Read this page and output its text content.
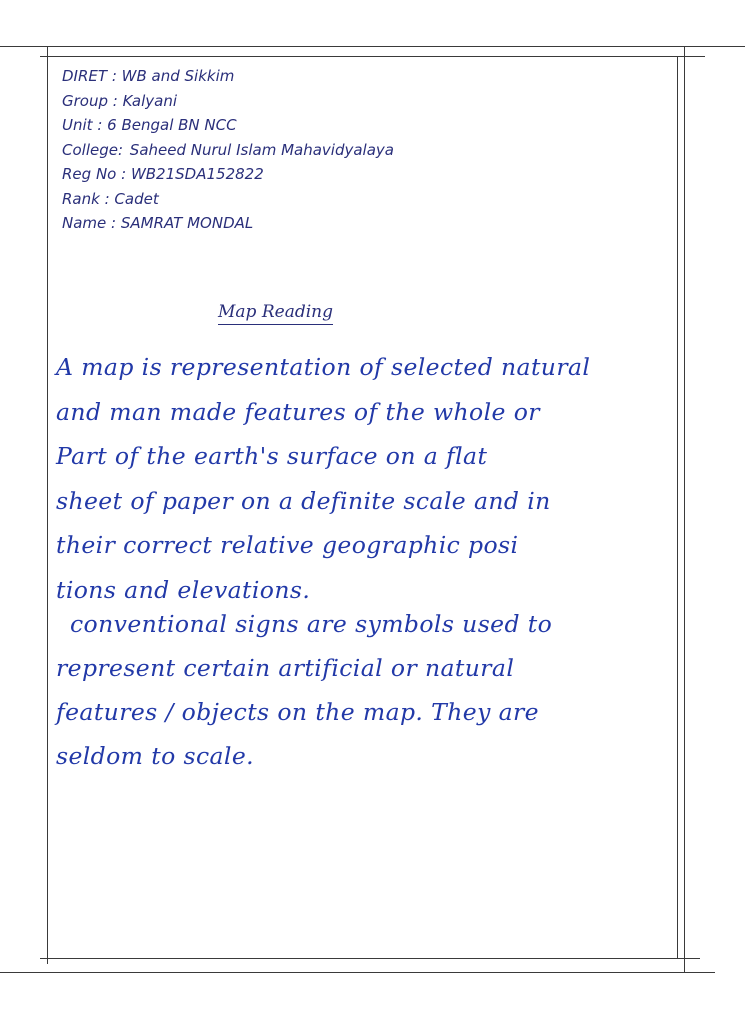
DIRET : WB and Sikkim
Group : Kalyani
Unit : 6 Bengal BN NCC
College: Saheed Nurul Islam Mahavidyalaya
Reg No : WB21SDA152822
Rank : Cadet
Name : SAMRAT MONDAL
Map Reading
A map is representation of selected natural
and man made features of the whole or
Part of the earth's surface on a flat
sheet of paper on a definite scale and in
their correct relative geographic posi
tions and elevations.
conventional signs are symbols used to
represent certain artificial or natural
features / objects on the map. They are
seldom to scale.
